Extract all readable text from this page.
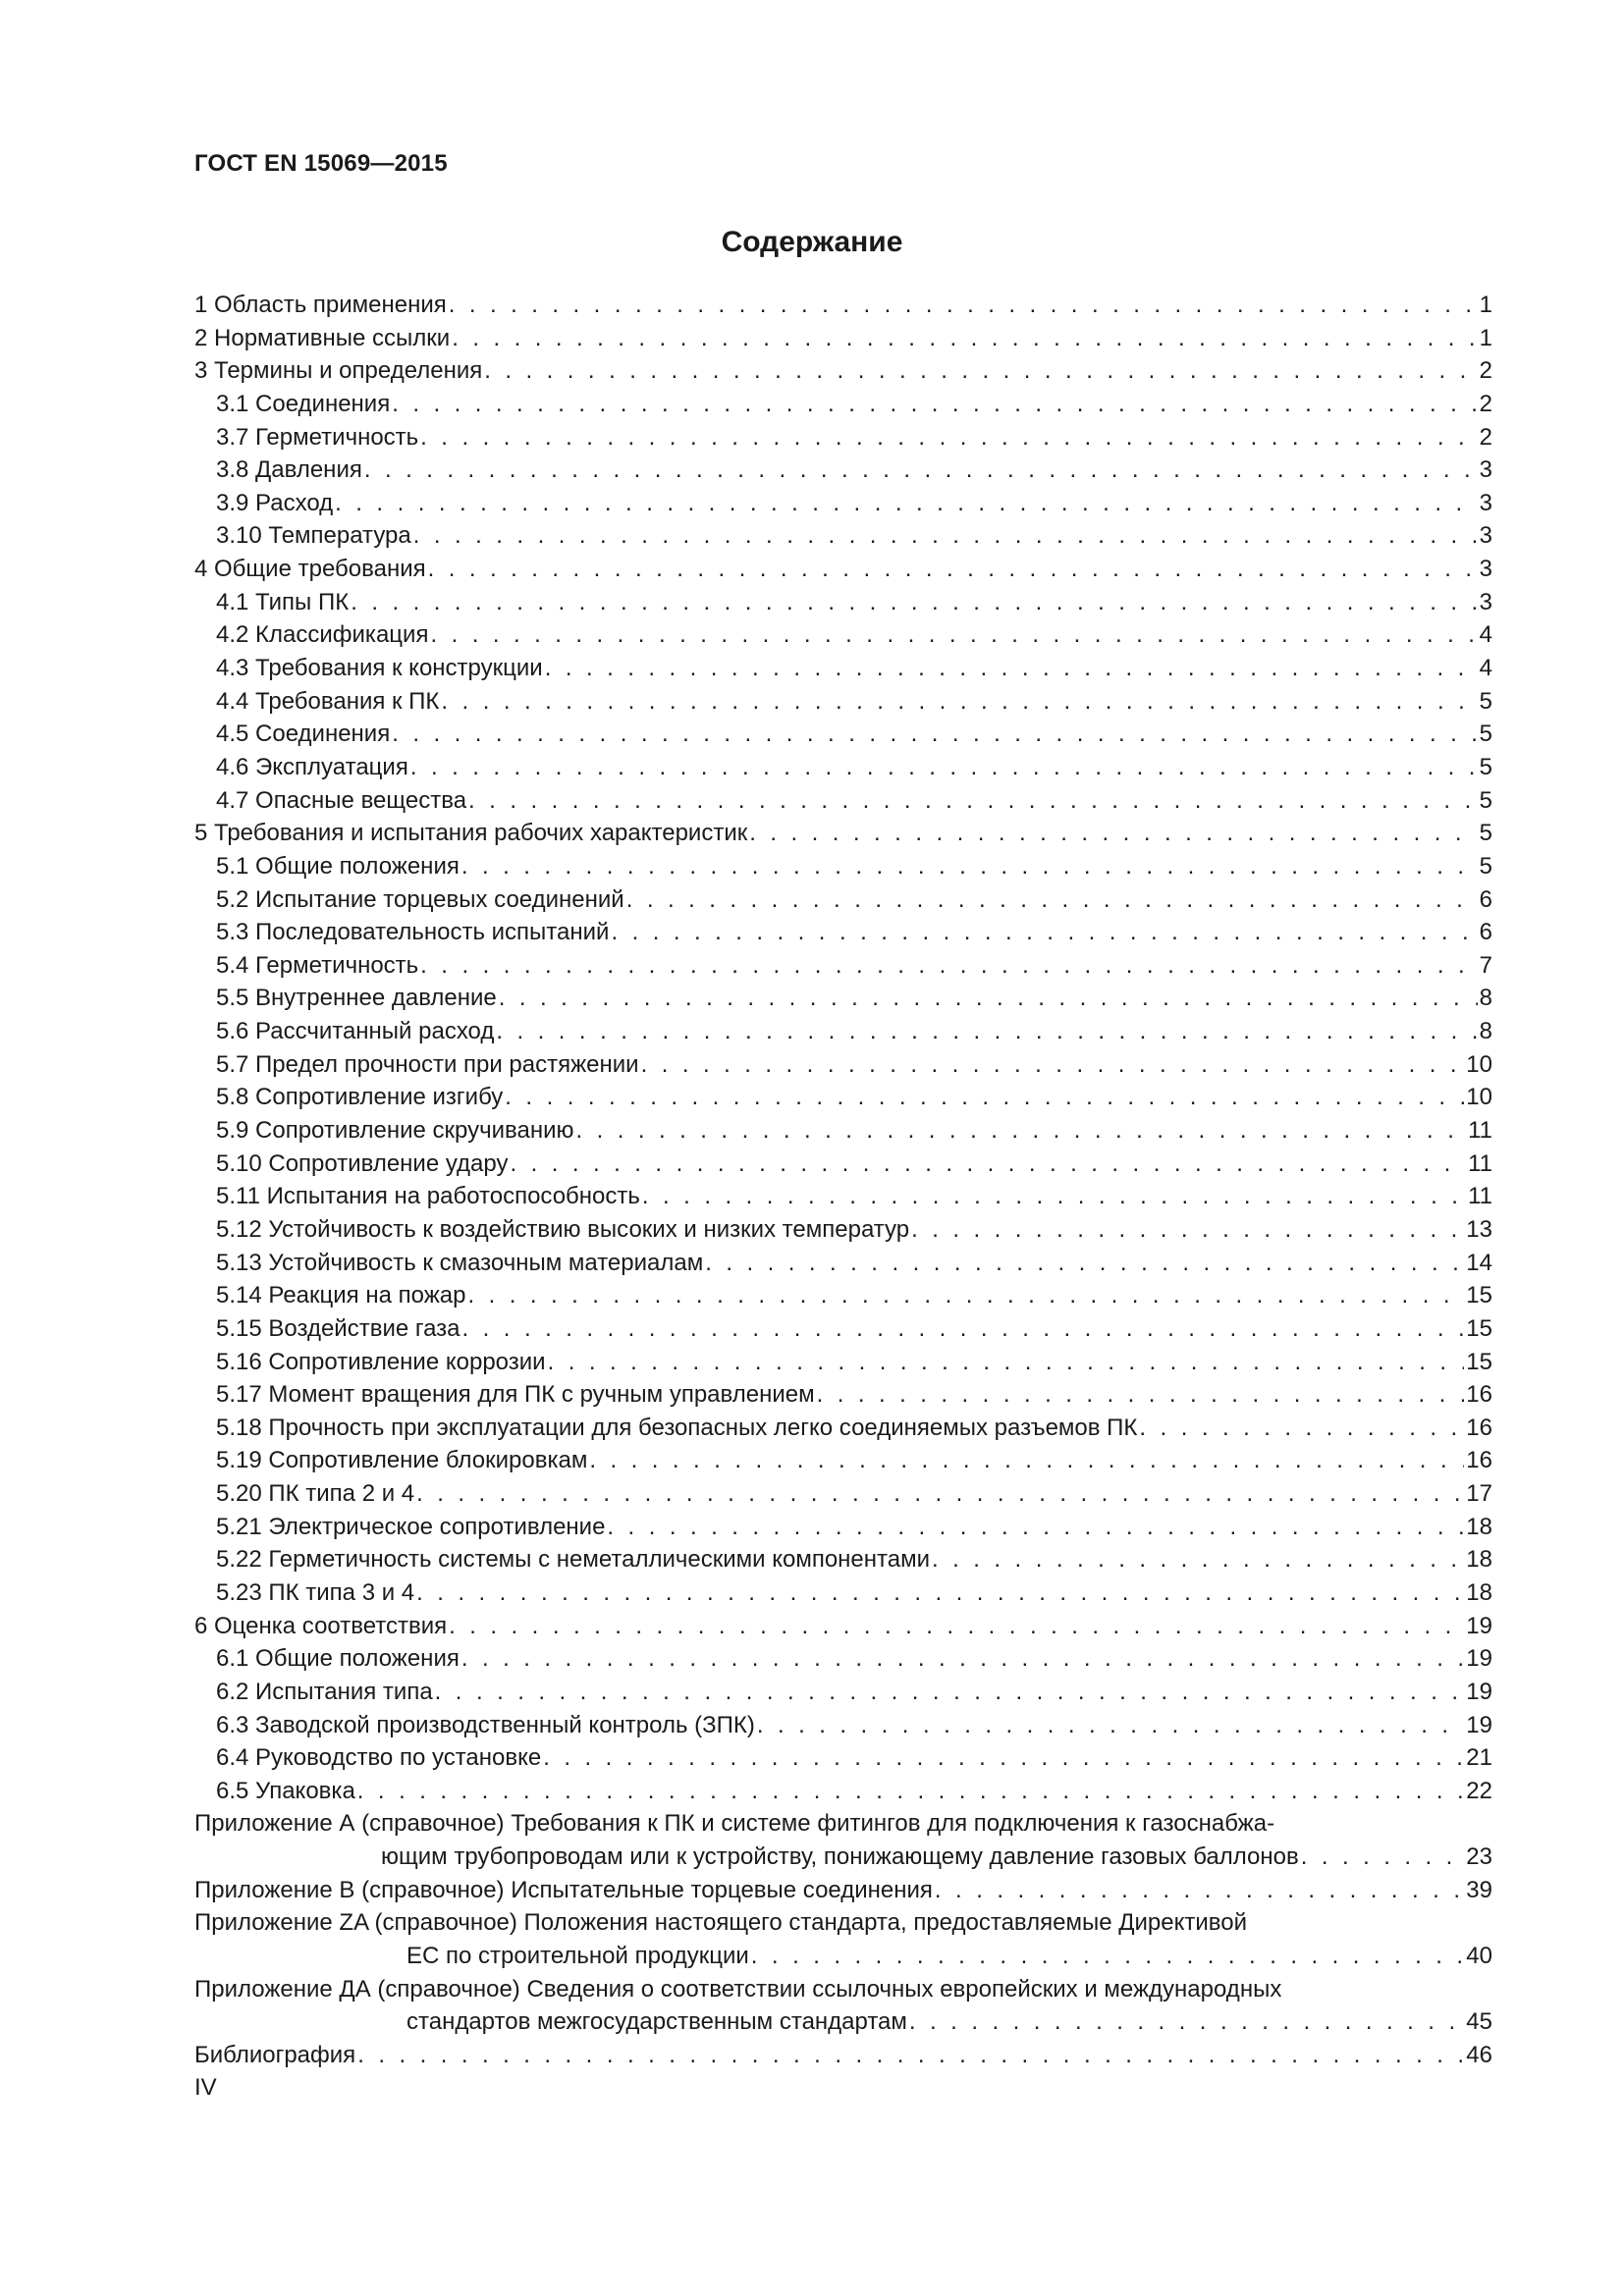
ГОСТ EN 15069—2015
Содержание
1 Область применения . . .	1
2 Нормативные ссылки . . .	1
3 Термины и определения . . .	2
3.1 Соединения . . .	2
3.7 Герметичность . . .	2
3.8 Давления . . .	3
3.9 Расход . . .	3
3.10 Температура . . .	3
4 Общие требования . . .	3
4.1 Типы ПК . . .	3
4.2 Классификация . . .	4
4.3 Требования к конструкции . . .	4
4.4 Требования к ПК . . .	5
4.5 Соединения . . .	5
4.6 Эксплуатация . . .	5
4.7 Опасные вещества . . .	5
5 Требования и испытания рабочих характеристик . . .	5
5.1 Общие положения . . .	5
5.2 Испытание торцевых соединений . . .	6
5.3 Последовательность испытаний . . .	6
5.4 Герметичность . . .	7
5.5 Внутреннее давление . . .	8
5.6 Рассчитанный расход . . .	8
5.7 Предел прочности при растяжении . . .	10
5.8 Сопротивление изгибу . . .	10
5.9 Сопротивление скручиванию . . .	11
5.10 Сопротивление удару . . .	11
5.11 Испытания на работоспособность . . .	11
5.12 Устойчивость к воздействию высоких и низких температур . . .	13
5.13 Устойчивость к смазочным материалам . . .	14
5.14 Реакция на пожар . . .	15
5.15 Воздействие газа . . .	15
5.16 Сопротивление коррозии . . .	15
5.17 Момент вращения для ПК с ручным управлением . . .	16
5.18 Прочность при эксплуатации для безопасных легко соединяемых разъемов ПК . . .	16
5.19 Сопротивление блокировкам . . .	16
5.20 ПК типа 2 и 4 . . .	17
5.21 Электрическое сопротивление . . .	18
5.22 Герметичность системы с неметаллическими компонентами . . .	18
5.23 ПК типа 3 и 4 . . .	18
6 Оценка соответствия . . .	19
6.1 Общие положения . . .	19
6.2 Испытания типа . . .	19
6.3 Заводской производственный контроль (ЗПК) . . .	19
6.4 Руководство по установке . . .	21
6.5 Упаковка . . .	22
Приложение А (справочное) Требования к ПК и системе фитингов для подключения к газоснабжа-
ющим трубопроводам или к устройству, понижающему давление газовых баллонов . . .	23
Приложение В (справочное) Испытательные торцевые соединения . . .	39
Приложение ZA (справочное) Положения настоящего стандарта, предоставляемые Директивой
ЕС по строительной продукции . . .	40
Приложение ДА (справочное) Сведения о соответствии ссылочных европейских и международных
стандартов межгосударственным стандартам . . .	45
Библиография . . .	46
IV
